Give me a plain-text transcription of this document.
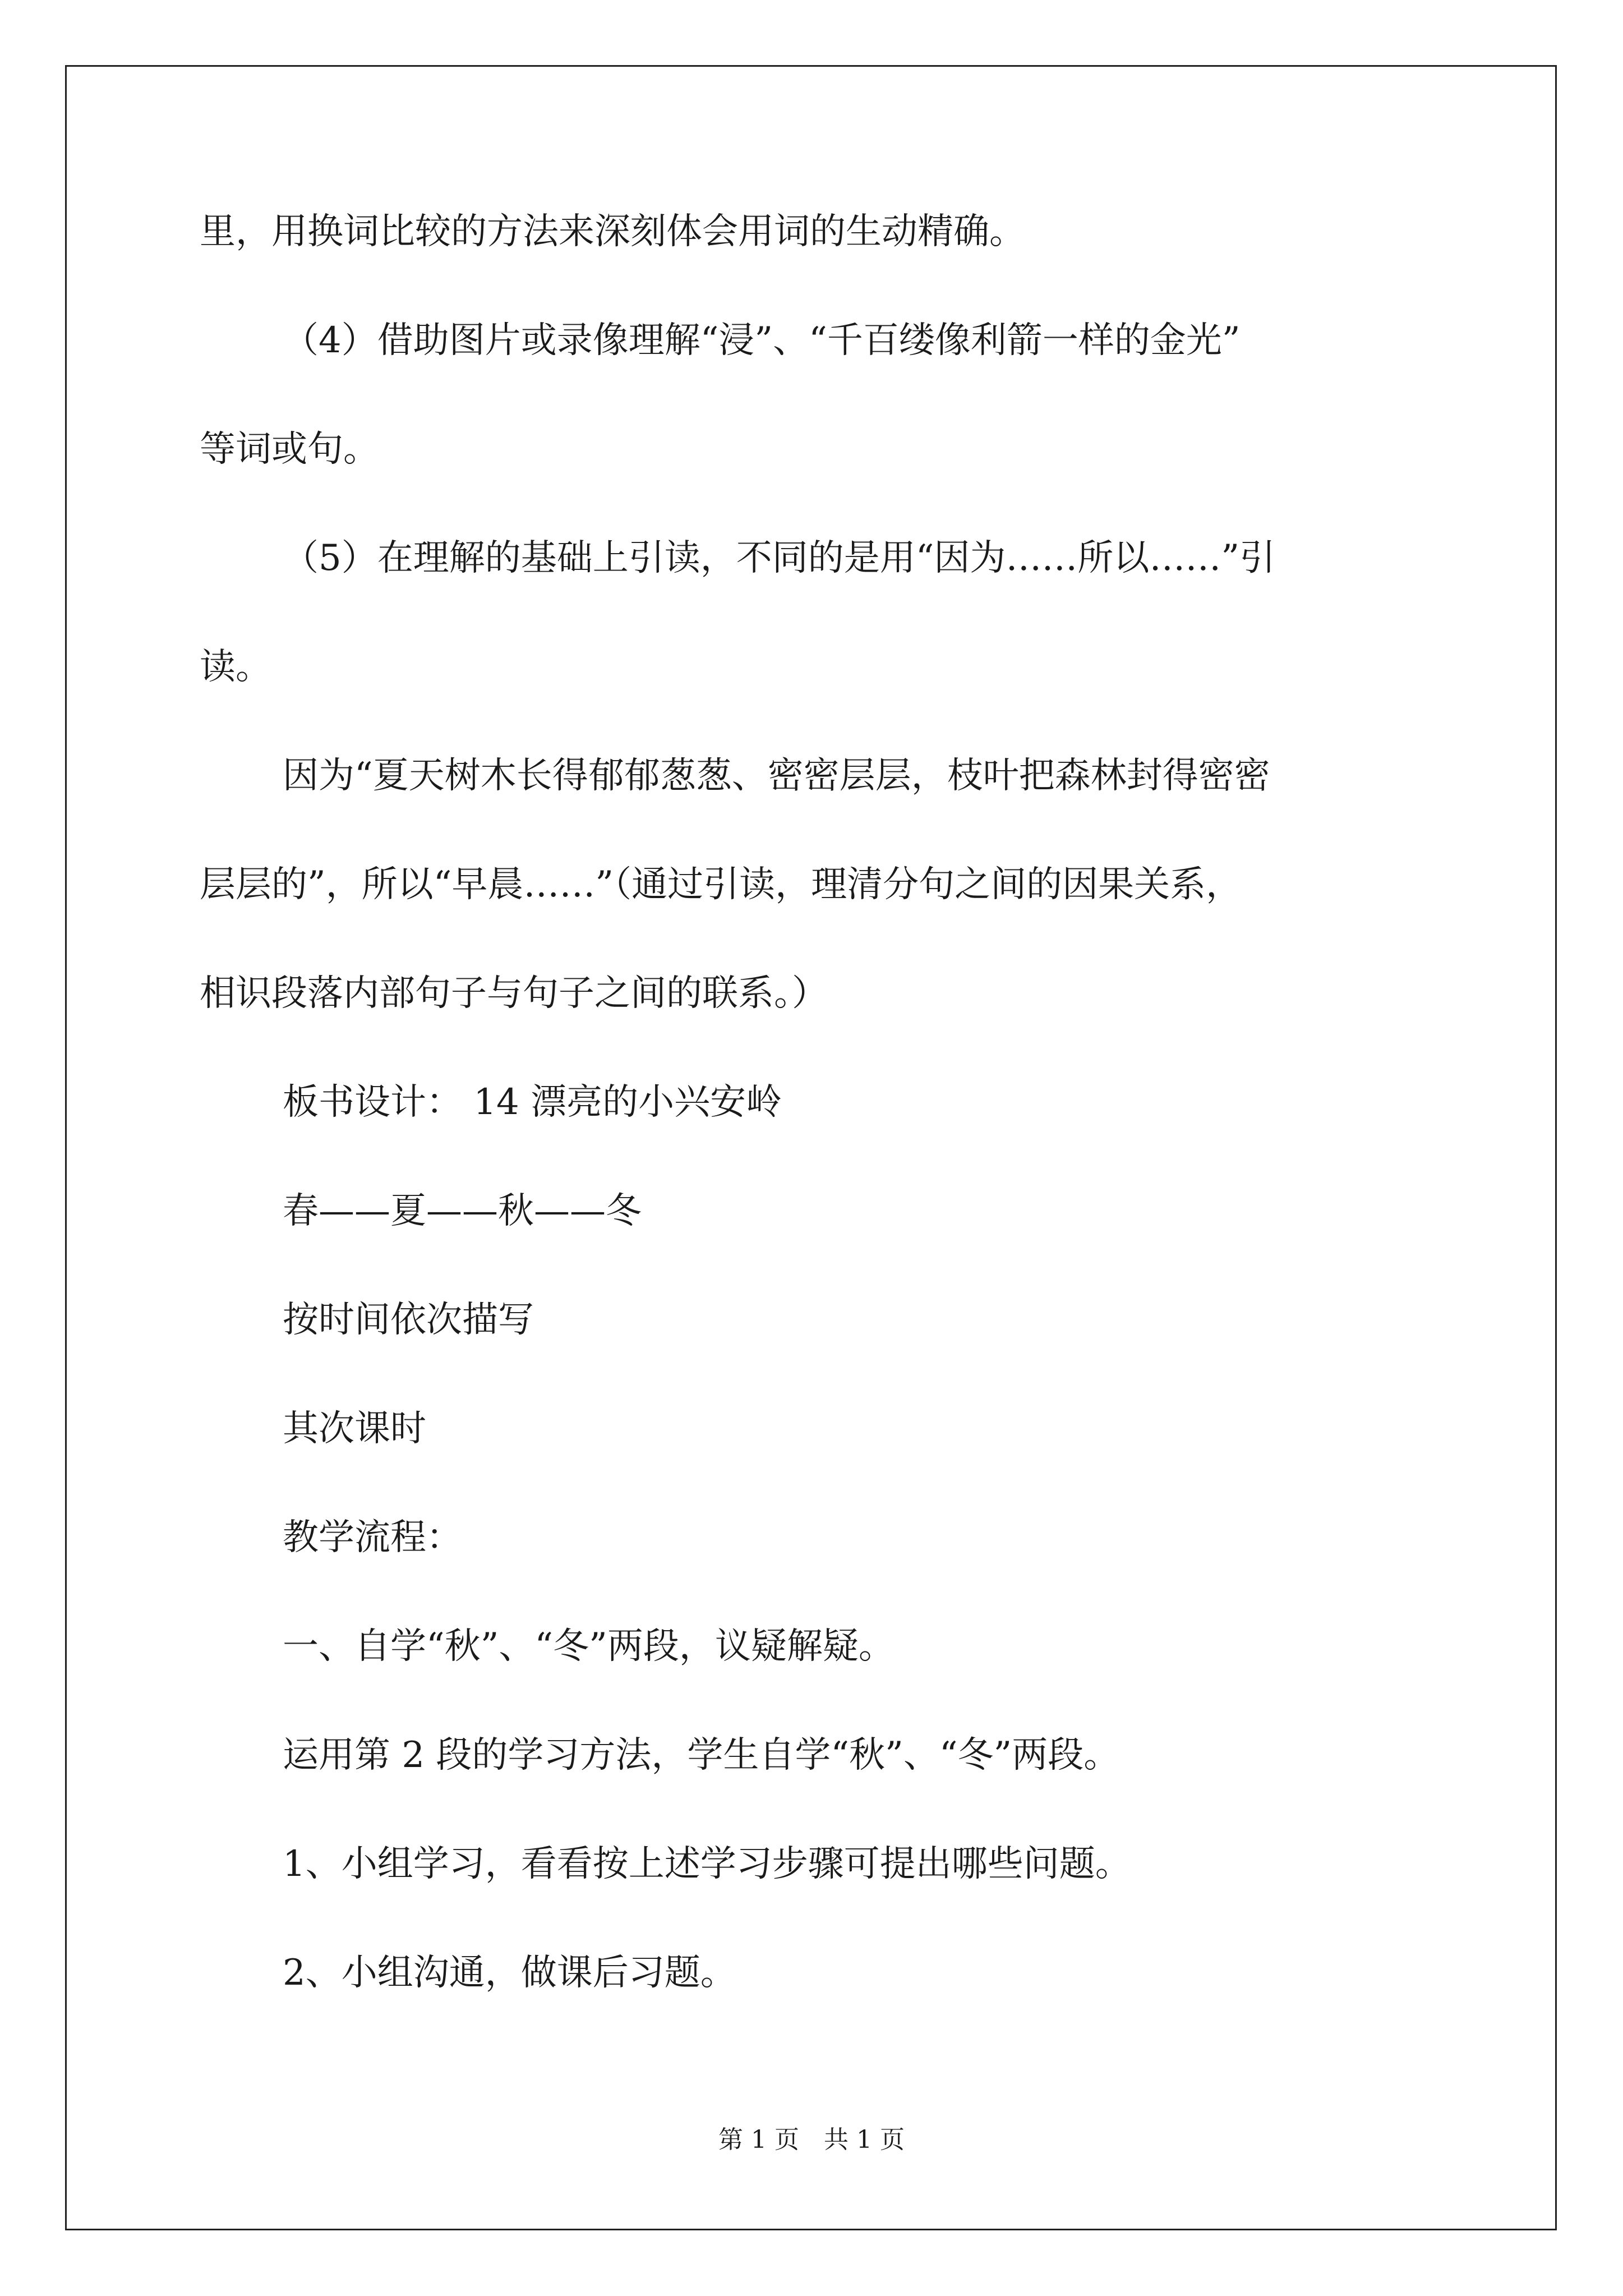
里，用换词比较的方法来深刻体会用词的生动精确。
（4）借助图片或录像理解“浸”、“千百缕像利箭一样的金光”
等词或句。
（5）在理解的基础上引读，不同的是用“因为……所以……”引
读。
因为“夏天树木长得郁郁葱葱、密密层层，枝叶把森林封得密密
层层的”，所以“早晨……”（通过引读，理清分句之间的因果关系，
相识段落内部句子与句子之间的联系。）
板书设计： 14 漂亮的小兴安岭
春——夏——秋——冬
按时间依次描写
其次课时
教学流程：
一、自学“秋”、“冬”两段，议疑解疑。
运用第 2 段的学习方法，学生自学“秋”、“冬”两段。
1、小组学习，看看按上述学习步骤可提出哪些问题。
2、小组沟通，做课后习题。
第 1 页 共 1 页
